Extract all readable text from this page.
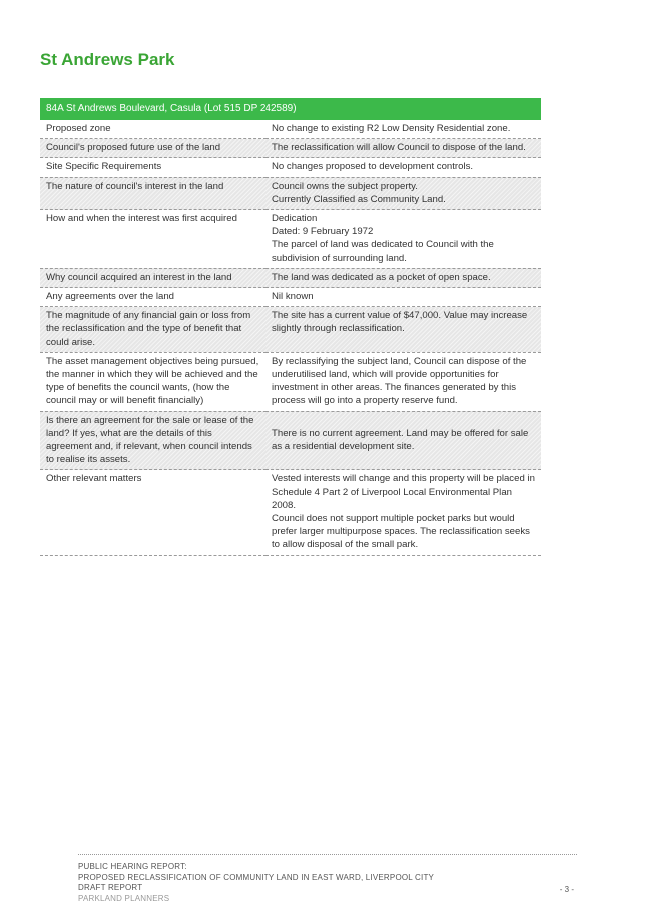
St Andrews Park
84A St Andrews Boulevard, Casula (Lot 515 DP 242589)	
Proposed zone	No change to existing R2 Low Density Residential zone.

Council's proposed future use of the land	The reclassification will allow Council to dispose of the land.

Site Specific Requirements	No changes proposed to development controls.

The nature of council's interest in the land	Council owns the subject property.
Currently Classified as Community Land.

How and when the interest was first acquired	Dedication
Dated: 9 February 1972
The parcel of land was dedicated to Council with the subdivision of surrounding land.

Why council acquired an interest in the land	The land was dedicated as a pocket of open space.

Any agreements over the land	Nil known

The magnitude of any financial gain or loss from the reclassification and the type of benefit that could arise.	The site has a current value of $47,000. Value may increase slightly through reclassification.

The asset management objectives being pursued, the manner in which they will be achieved and the type of benefits the council wants, (how the council may or will benefit financially)	By reclassifying the subject land, Council can dispose of the underutilised land, which will provide opportunities for investment in other areas. The finances generated by this process will go into a property reserve fund.

Is there an agreement for the sale or lease of the land? If yes, what are the details of this agreement and, if relevant, when council intends to realise its assets.	There is no current agreement. Land may be offered for sale as a residential development site.

Other relevant matters	Vested interests will change and this property will be placed in Schedule 4 Part 2 of Liverpool Local Environmental Plan 2008.
Council does not support multiple pocket parks but would prefer larger multipurpose spaces. The reclassification seeks to allow disposal of the small park.
PUBLIC HEARING REPORT:
PROPOSED RECLASSIFICATION OF COMMUNITY LAND IN EAST WARD, LIVERPOOL CITY
DRAFT REPORT
PARKLAND PLANNERS
- 3 -
